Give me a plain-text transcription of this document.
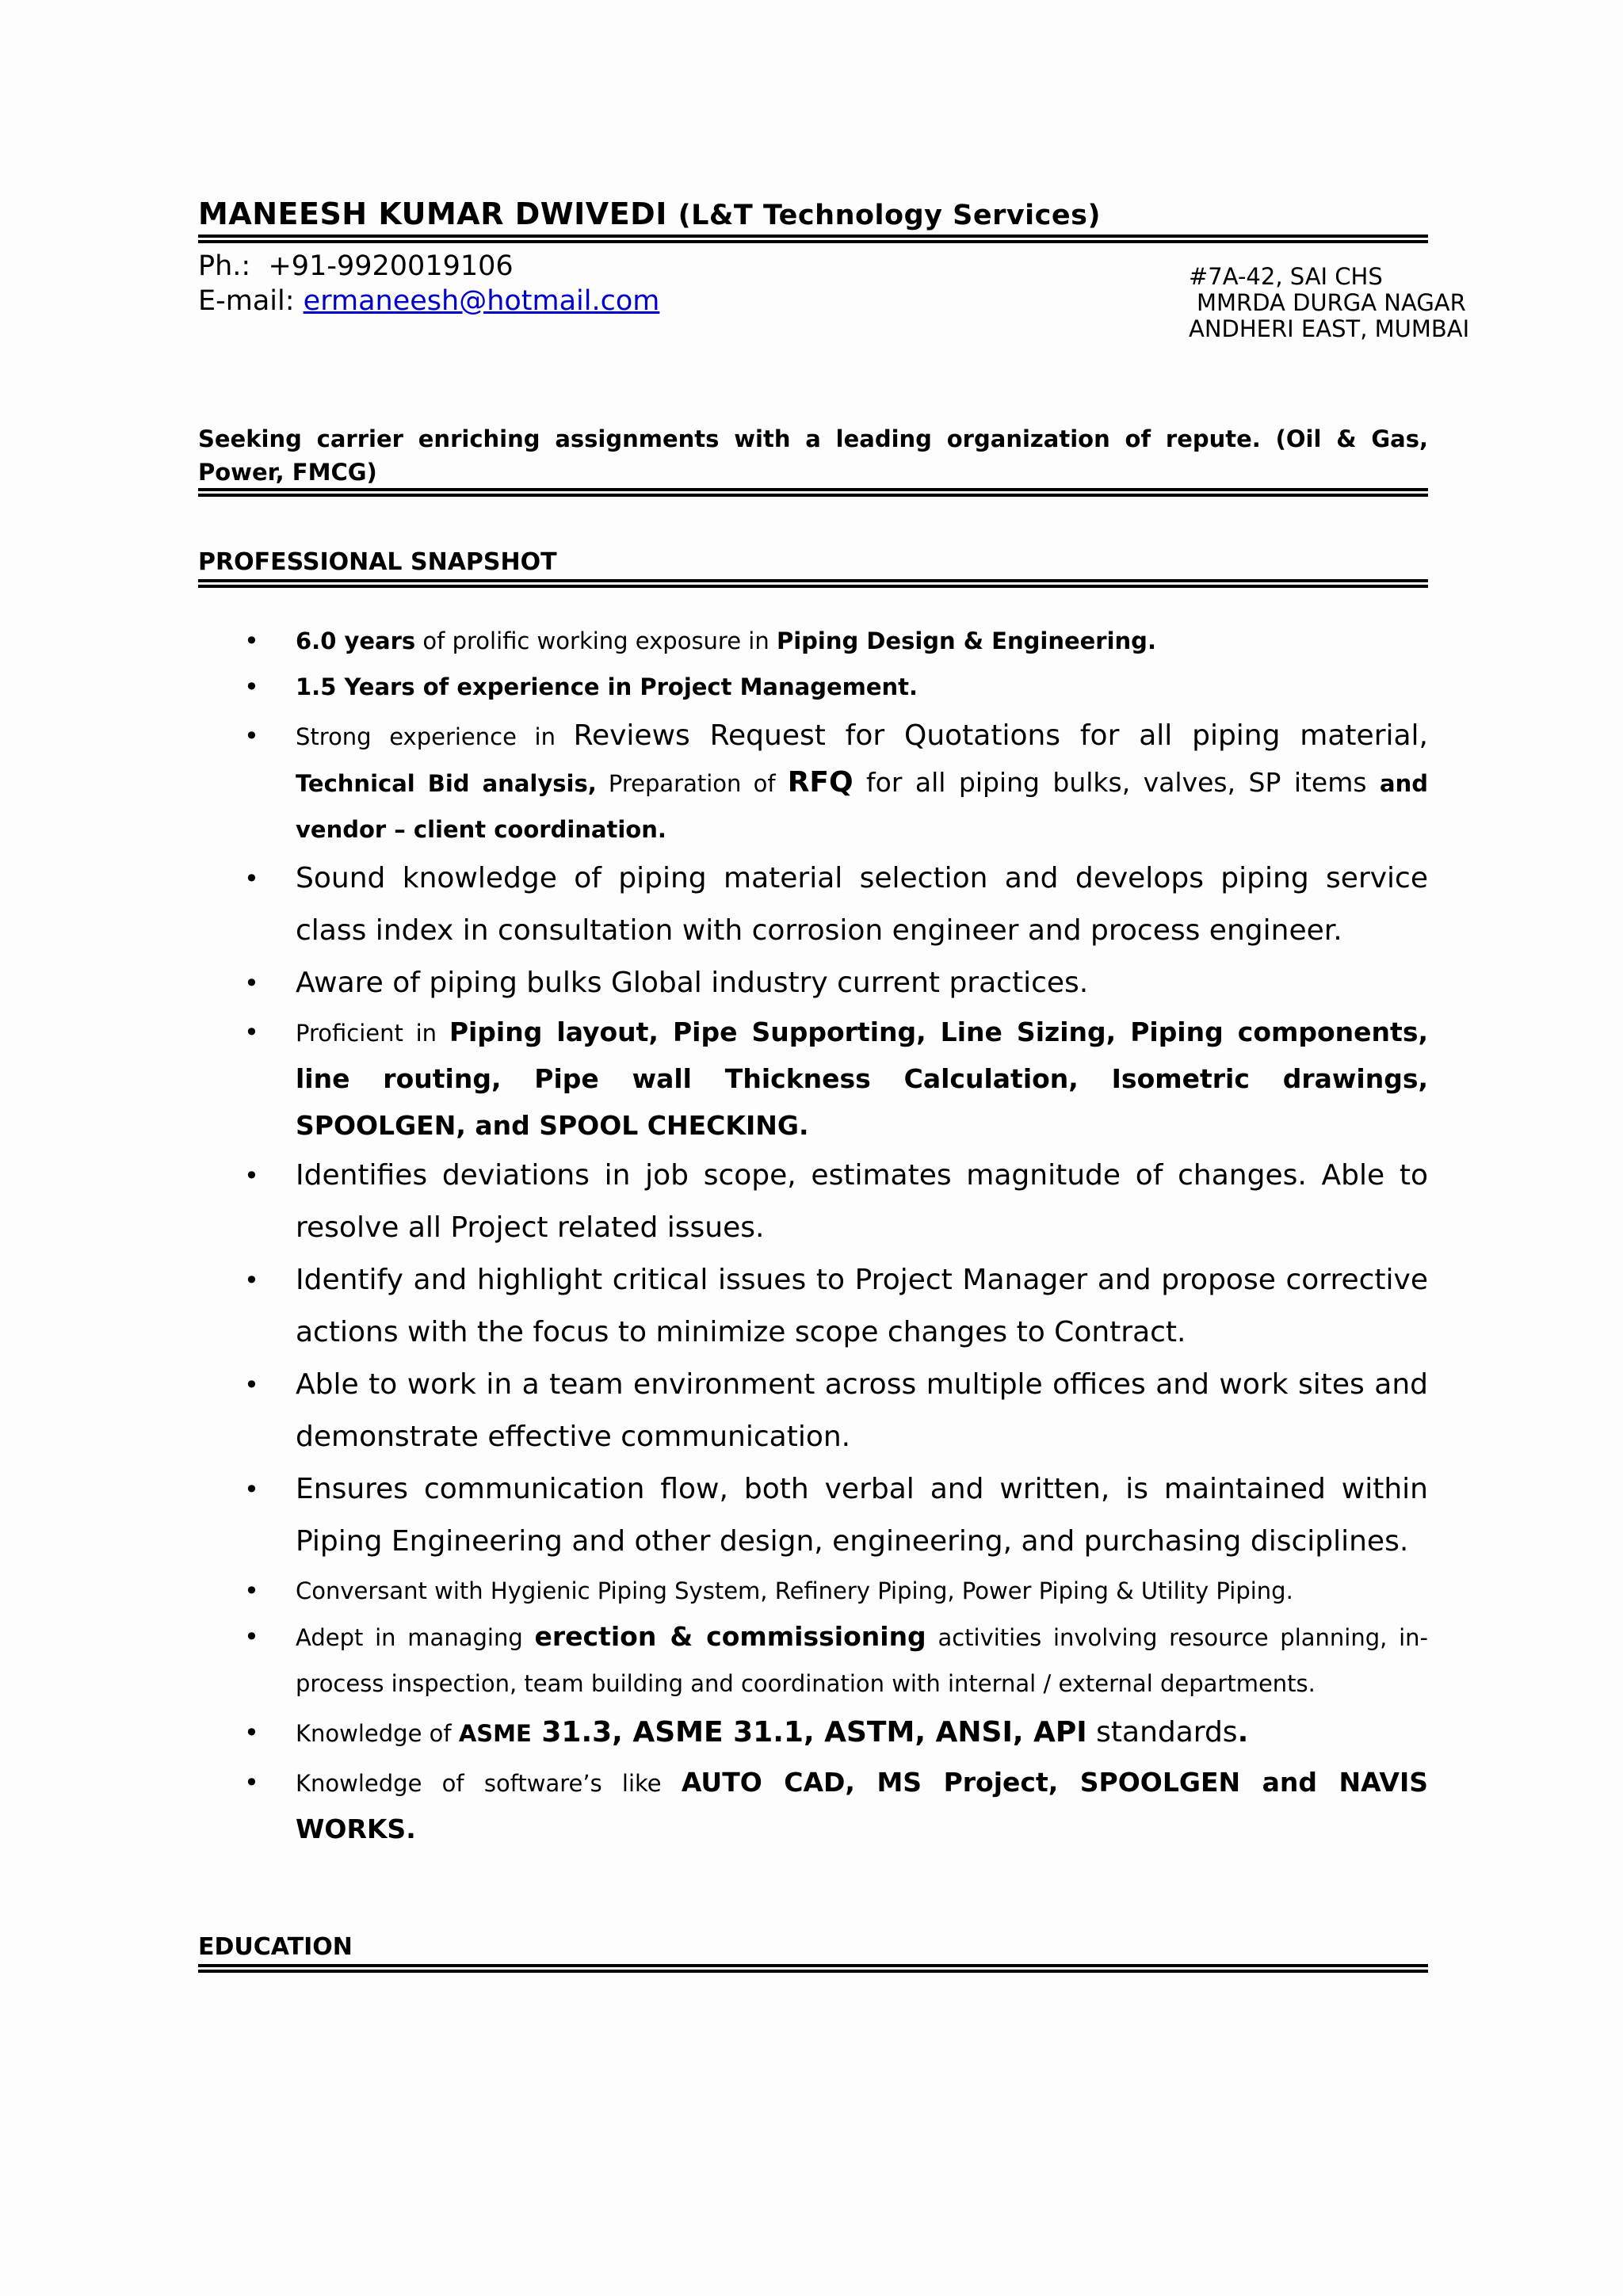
MANEESH KUMAR DWIVEDI (L&T Technology Services)
Ph.: +91-9920019106
E-mail: ermaneesh@hotmail.com
#7A-42, SAI CHS
MMRDA DURGA NAGAR
ANDHERI EAST, MUMBAI
Seeking carrier enriching assignments with a leading organization of repute. (Oil & Gas, Power, FMCG)
PROFESSIONAL SNAPSHOT
• 6.0 years of prolific working exposure in Piping Design & Engineering.
• 1.5 Years of experience in Project Management.
• Strong experience in Reviews Request for Quotations for all piping material, Technical Bid analysis, Preparation of RFQ for all piping bulks, valves, SP items and vendor – client coordination.
• Sound knowledge of piping material selection and develops piping service class index in consultation with corrosion engineer and process engineer.
• Aware of piping bulks Global industry current practices.
• Proficient in Piping layout, Pipe Supporting, Line Sizing, Piping components, line routing, Pipe wall Thickness Calculation, Isometric drawings, SPOOLGEN, and SPOOL CHECKING.
• Identifies deviations in job scope, estimates magnitude of changes. Able to resolve all Project related issues.
• Identify and highlight critical issues to Project Manager and propose corrective actions with the focus to minimize scope changes to Contract.
• Able to work in a team environment across multiple offices and work sites and demonstrate effective communication.
• Ensures communication flow, both verbal and written, is maintained within Piping Engineering and other design, engineering, and purchasing disciplines.
• Conversant with Hygienic Piping System, Refinery Piping, Power Piping & Utility Piping.
• Adept in managing erection & commissioning activities involving resource planning, in-process inspection, team building and coordination with internal / external departments.
• Knowledge of ASME 31.3, ASME 31.1, ASTM, ANSI, API standards.
• Knowledge of software’s like AUTO CAD, MS Project, SPOOLGEN and NAVIS WORKS.
EDUCATION
